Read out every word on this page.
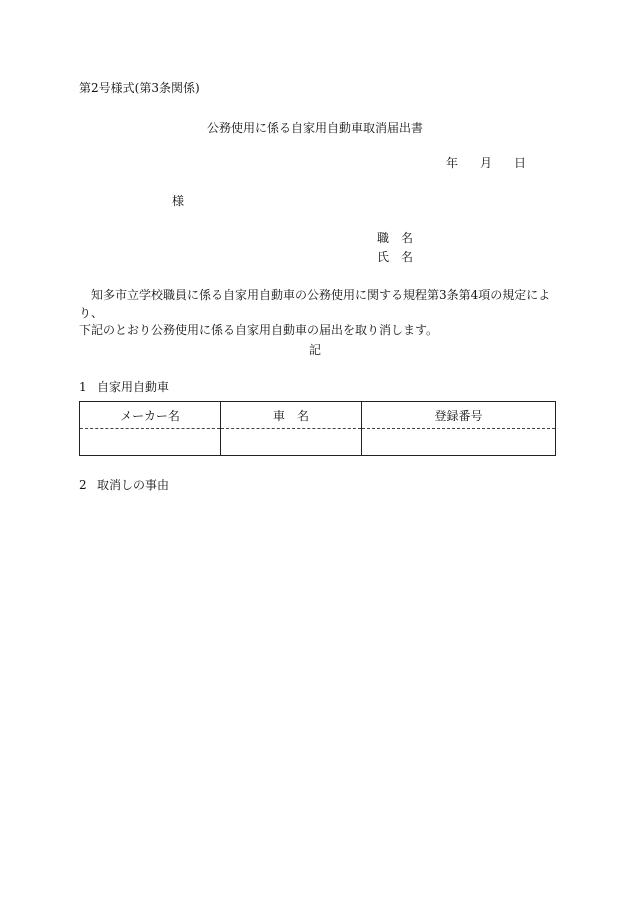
第2号様式(第3条関係)
公務使用に係る自家用自動車取消届出書
年 月 日
様
職 名
氏 名

知多市立学校職員に係る自家用自動車の公務使用に関する規程第3条第4項の規定により、

下記のとおり公務使用に係る自家用自動車の届出を取り消します。

記
1 自家用自動車
メーカー名	車　名	登録番号

2 取消しの事由
